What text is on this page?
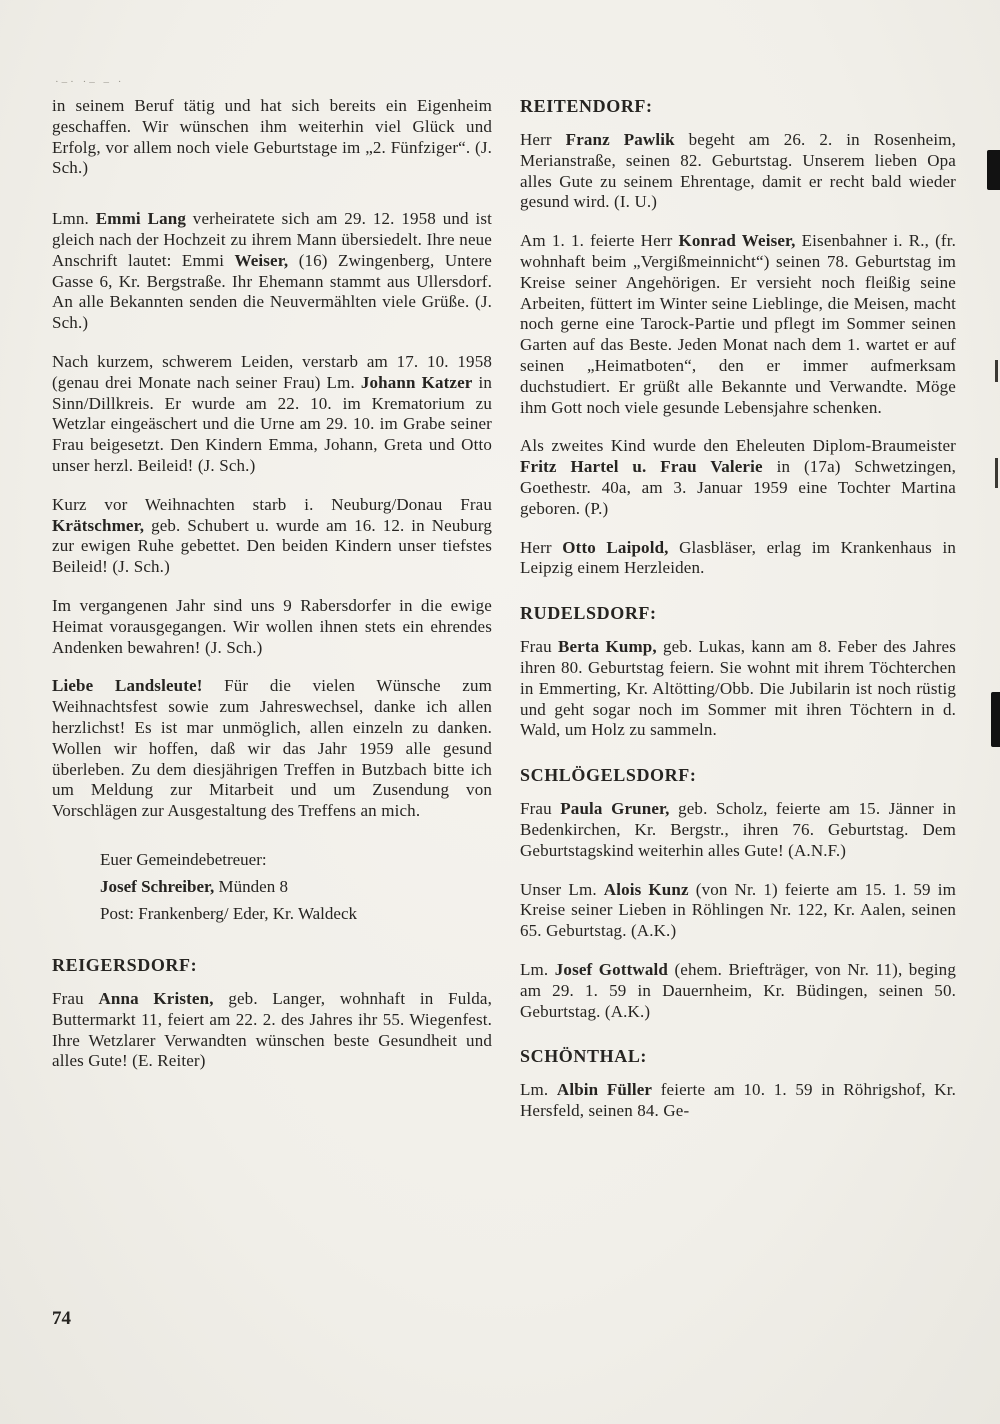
·–· ·– – ·

in seinem Beruf tätig und hat sich bereits ein Eigenheim geschaffen. Wir wünschen ihm weiterhin viel Glück und Erfolg, vor allem noch viele Geburtstage im „2. Fünfziger“. (J. Sch.)

Lmn. Emmi Lang verheiratete sich am 29. 12. 1958 und ist gleich nach der Hochzeit zu ihrem Mann übersiedelt. Ihre neue Anschrift lautet: Emmi Weiser, (16) Zwingenberg, Untere Gasse 6, Kr. Bergstraße. Ihr Ehemann stammt aus Ullersdorf. An alle Bekannten senden die Neuvermählten viele Grüße. (J. Sch.)

Nach kurzem, schwerem Leiden, verstarb am 17. 10. 1958 (genau drei Monate nach seiner Frau) Lm. Johann Katzer in Sinn/Dillkreis. Er wurde am 22. 10. im Krematorium zu Wetzlar eingeäschert und die Urne am 29. 10. im Grabe seiner Frau beigesetzt. Den Kindern Emma, Johann, Greta und Otto unser herzl. Beileid! (J. Sch.)

Kurz vor Weihnachten starb i. Neuburg/Donau Frau Krätschmer, geb. Schubert u. wurde am 16. 12. in Neuburg zur ewigen Ruhe gebettet. Den beiden Kindern unser tiefstes Beileid! (J. Sch.)

Im vergangenen Jahr sind uns 9 Rabersdorfer in die ewige Heimat vorausgegangen. Wir wollen ihnen stets ein ehrendes Andenken bewahren! (J. Sch.)

Liebe Landsleute! Für die vielen Wünsche zum Weihnachtsfest sowie zum Jahreswechsel, danke ich allen herzlichst! Es ist mar unmöglich, allen einzeln zu danken. Wollen wir hoffen, daß wir das Jahr 1959 alle gesund überleben. Zu dem diesjährigen Treffen in Butzbach bitte ich um Meldung zur Mitarbeit und um Zusendung von Vorschlägen zur Ausgestaltung des Treffens an mich.

Euer Gemeindebetreuer:

Josef Schreiber, Münden 8

Post: Frankenberg/ Eder, Kr. Waldeck

REIGERSDORF:

Frau Anna Kristen, geb. Langer, wohnhaft in Fulda, Buttermarkt 11, feiert am 22. 2. des Jahres ihr 55. Wiegenfest. Ihre Wetzlarer Verwandten wünschen beste Gesundheit und alles Gute! (E. Reiter)

REITENDORF:

Herr Franz Pawlik begeht am 26. 2. in Rosenheim, Merianstraße, seinen 82. Geburtstag. Unserem lieben Opa alles Gute zu seinem Ehrentage, damit er recht bald wieder gesund wird. (I. U.)

Am 1. 1. feierte Herr Konrad Weiser, Eisenbahner i. R., (fr. wohnhaft beim „Vergißmeinnicht“) seinen 78. Geburtstag im Kreise seiner Angehörigen. Er versieht noch fleißig seine Arbeiten, füttert im Winter seine Lieblinge, die Meisen, macht noch gerne eine Tarock-Partie und pflegt im Sommer seinen Garten auf das Beste. Jeden Monat nach dem 1. wartet er auf seinen „Heimatboten“, den er immer aufmerksam duchstudiert. Er grüßt alle Bekannte und Verwandte. Möge ihm Gott noch viele gesunde Lebensjahre schenken.

Als zweites Kind wurde den Eheleuten Diplom-Braumeister Fritz Hartel u. Frau Valerie in (17a) Schwetzingen, Goethestr. 40a, am 3. Januar 1959 eine Tochter Martina geboren. (P.)

Herr Otto Laipold, Glasbläser, erlag im Krankenhaus in Leipzig einem Herzleiden.

RUDELSDORF:

Frau Berta Kump, geb. Lukas, kann am 8. Feber des Jahres ihren 80. Geburtstag feiern. Sie wohnt mit ihrem Töchterchen in Emmerting, Kr. Altötting/Obb. Die Jubilarin ist noch rüstig und geht sogar noch im Sommer mit ihren Töchtern in d. Wald, um Holz zu sammeln.

SCHLÖGELSDORF:

Frau Paula Gruner, geb. Scholz, feierte am 15. Jänner in Bedenkirchen, Kr. Bergstr., ihren 76. Geburtstag. Dem Geburtstagskind weiterhin alles Gute! (A.N.F.)

Unser Lm. Alois Kunz (von Nr. 1) feierte am 15. 1. 59 im Kreise seiner Lieben in Röhlingen Nr. 122, Kr. Aalen, seinen 65. Geburtstag. (A.K.)

Lm. Josef Gottwald (ehem. Briefträger, von Nr. 11), beging am 29. 1. 59 in Dauernheim, Kr. Büdingen, seinen 50. Geburtstag. (A.K.)

SCHÖNTHAL:

Lm. Albin Füller feierte am 10. 1. 59 in Röhrigshof, Kr. Hersfeld, seinen 84. Ge-

74
